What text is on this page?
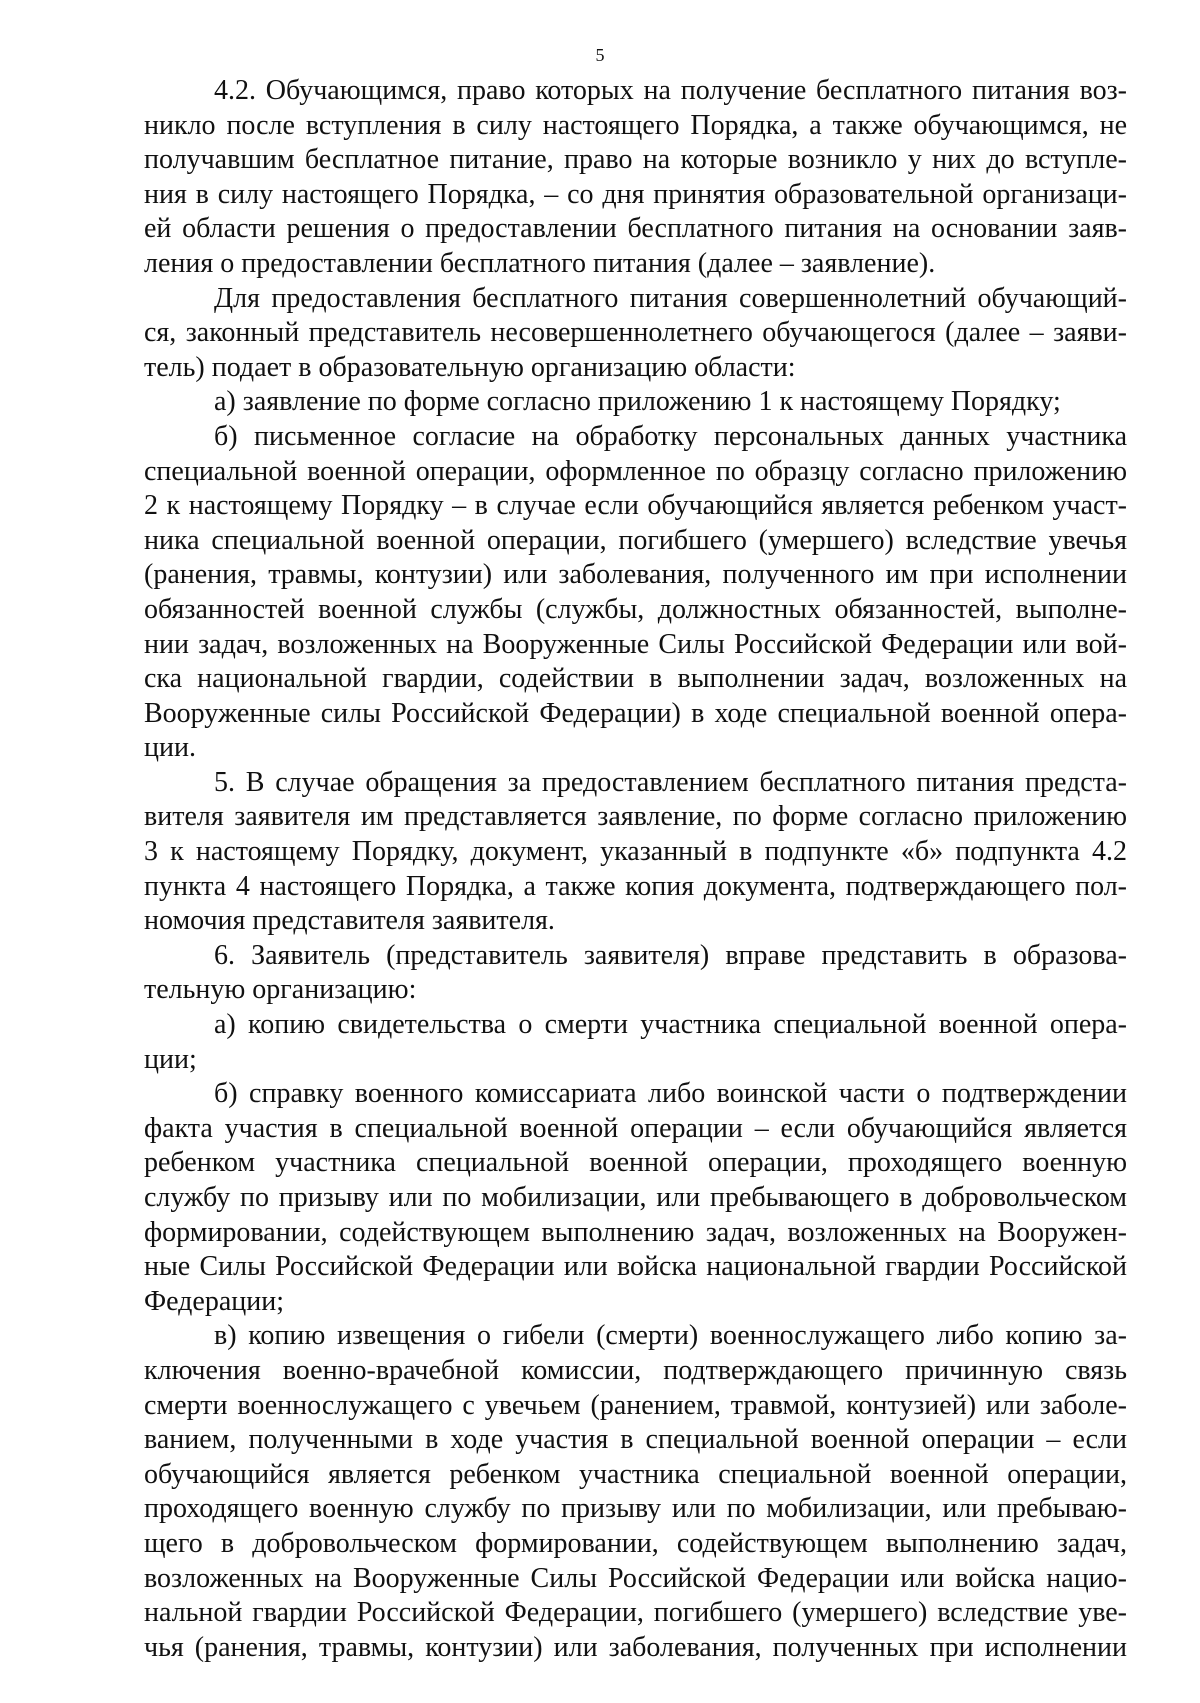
5
4.2. Обучающимся, право которых на получение бесплатного питания воз-
никло после вступления в силу настоящего Порядка, а также обучающимся, не
получавшим бесплатное питание, право на которые возникло у них до вступле-
ния в силу настоящего Порядка, – со дня принятия образовательной организаци-
ей области решения о предоставлении бесплатного питания на основании заяв-
ления о предоставлении бесплатного питания (далее – заявление).
Для предоставления бесплатного питания совершеннолетний обучающий-
ся, законный представитель несовершеннолетнего обучающегося (далее – заяви-
тель) подает в образовательную организацию области:
а) заявление по форме согласно приложению 1 к настоящему Порядку;
б) письменное согласие на обработку персональных данных участника
специальной военной операции, оформленное по образцу согласно приложению
2 к настоящему Порядку – в случае если обучающийся является ребенком участ-
ника специальной военной операции, погибшего (умершего) вследствие увечья
(ранения, травмы, контузии) или заболевания, полученного им при исполнении
обязанностей военной службы (службы, должностных обязанностей, выполне-
нии задач, возложенных на Вооруженные Силы Российской Федерации или вой-
ска национальной гвардии, содействии в выполнении задач, возложенных на
Вооруженные силы Российской Федерации) в ходе специальной военной опера-
ции.
5. В случае обращения за предоставлением бесплатного питания предста-
вителя заявителя им представляется заявление, по форме согласно приложению
3 к настоящему Порядку, документ, указанный в подпункте «б» подпункта 4.2
пункта 4 настоящего Порядка, а также копия документа, подтверждающего пол-
номочия представителя заявителя.
6. Заявитель (представитель заявителя) вправе представить в образова-
тельную организацию:
а) копию свидетельства о смерти участника специальной военной опера-
ции;
б) справку военного комиссариата либо воинской части о подтверждении
факта участия в специальной военной операции – если обучающийся является
ребенком участника специальной военной операции, проходящего военную
службу по призыву или по мобилизации, или пребывающего в добровольческом
формировании, содействующем выполнению задач, возложенных на Вооружен-
ные Силы Российской Федерации или войска национальной гвардии Российской
Федерации;
в) копию извещения о гибели (смерти) военнослужащего либо копию за-
ключения военно-врачебной комиссии, подтверждающего причинную связь
смерти военнослужащего с увечьем (ранением, травмой, контузией) или заболе-
ванием, полученными в ходе участия в специальной военной операции – если
обучающийся является ребенком участника специальной военной операции,
проходящего военную службу по призыву или по мобилизации, или пребываю-
щего в добровольческом формировании, содействующем выполнению задач,
возложенных на Вооруженные Силы Российской Федерации или войска нацио-
нальной гвардии Российской Федерации, погибшего (умершего) вследствие уве-
чья (ранения, травмы, контузии) или заболевания, полученных при исполнении
